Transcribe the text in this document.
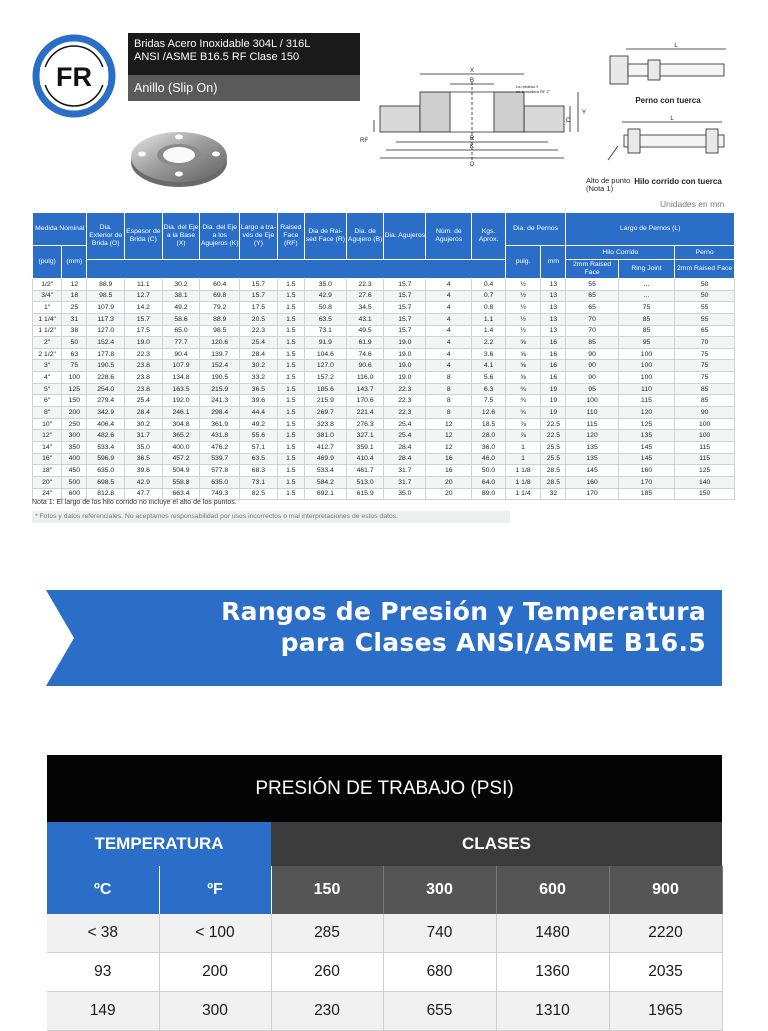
FR
Bridas Acero Inoxidable 304L / 316L
ANSI /ASME B16.5 RF Clase 150
Anillo (Slip On)
X
B
C
Y
RF	R
K
O
La medida Y
no considera RF 2"
L
Perno con tuerca
L
Hilo corrido con tuerca
Alto de punto
(Nota 1)
Unidades en mm
Medida Nominal		Dia. Exterior de Brida (O)	Espesor de Brida (C)	Dia. del Eje a la Base (X)	Dia. del Eje a los Agujeros (K)	Largo a tra-vés de Eje (Y)	Raised Face (RF)	Dia de Rai-sed Face (R)	Dia. de Agujero (B)	Dia. Agujeros	Núm. de Agujeros	Kgs. Aprox.	Dia. de Pernos		Largo de Pernos (L)		
(pulg)	(mm)												pulg.	mm	Hilo Corrido		Perno
															2mm Raised Face	Ring Joint	2mm Raised Face
1/2"	12	88.9	11.1	30.2	60.4	15.7	1.5	35.0	22.3	15.7	4	0.4	½	13	55	...	50
3/4"	18	98.5	12.7	38.1	69.8	15.7	1.5	42.9	27.6	15.7	4	0.7	½	13	65	...	50
1"	25	107.9	14.2	49.2	79.2	17.5	1.5	50.8	34.5	15.7	4	0.8	½	13	65	75	55
1 1/4"	31	117.3	15.7	58.6	88.9	20.5	1.5	63.5	43.1	15.7	4	1.1	½	13	70	85	55
1 1/2"	38	127.0	17.5	65.0	98.5	22.3	1.5	73.1	49.5	15.7	4	1.4	½	13	70	85	65
2"	50	152.4	19.0	77.7	120.6	25.4	1.5	91.9	61.9	19.0	4	2.2	⅝	16	85	95	70
2 1/2"	63	177.8	22.3	90.4	139.7	28.4	1.5	104.6	74.6	19.0	4	3.6	⅝	16	90	100	75
3"	75	190.5	23.8	107.9	152.4	30.2	1.5	127.0	90.6	19.0	4	4.1	⅝	16	90	100	75
4"	100	228.6	23.8	134.8	190.5	33.2	1.5	157.2	116.0	19.0	8	5.6	⅝	16	90	100	75
5"	125	254.0	23.8	163.5	215.9	36.5	1.5	185.6	143.7	22.3	8	6.3	¾	19	95	110	85
6"	150	279.4	25.4	192.0	241.3	39.6	1.5	215.9	170.6	22.3	8	7.5	¾	19	100	115	85
8"	200	342.9	28.4	246.1	298.4	44.4	1.5	269.7	221.4	22.3	8	12.6	¾	19	110	120	90
10"	250	406.4	30.2	304.8	361.9	49.2	1.5	323.8	276.3	25.4	12	18.5	⅞	22.5	115	125	100
12"	300	482.6	31.7	365.2	431.8	55.6	1.5	381.0	327.1	25.4	12	28.0	⅞	22.5	120	135	100
14"	350	533.4	35.0	400.0	476.2	57.1	1.5	412.7	359.1	28.4	12	36.0	1	25.5	135	145	115
16"	400	596.9	36.5	457.2	539.7	63.5	1.5	469.9	410.4	28.4	16	46.0	1	25.5	135	145	115
18"	450	635.0	39.6	504.9	577.8	68.3	1.5	533.4	461.7	31.7	16	50.0	1 1/8	28.5	145	160	125
20"	500	698.5	42.9	558.8	635.0	73.1	1.5	584.2	513.0	31.7	20	64.0	1 1/8	28.5	160	170	140
24"	600	812.8	47.7	663.4	749.3	82.5	1.5	692.1	615.9	35.0	20	89.0	1 1/4	32	170	185	150
Nota 1: El largo de los hilo corrido no incluye el alto de los puntos.
* Fotos y datos referenciales. No aceptamos responsabilidad por usos incorrectos o mal interpretaciones de estos datos.
Rangos de Presión y Temperatura
para Clases ANSI/ASME B16.5
PRESIÓN DE TRABAJO (PSI)					
TEMPERATURA		CLASES			
ºC	ºF	150	300	600	900
< 38	< 100	285	740	1480	2220
93	200	260	680	1360	2035
149	300	230	655	1310	1965
